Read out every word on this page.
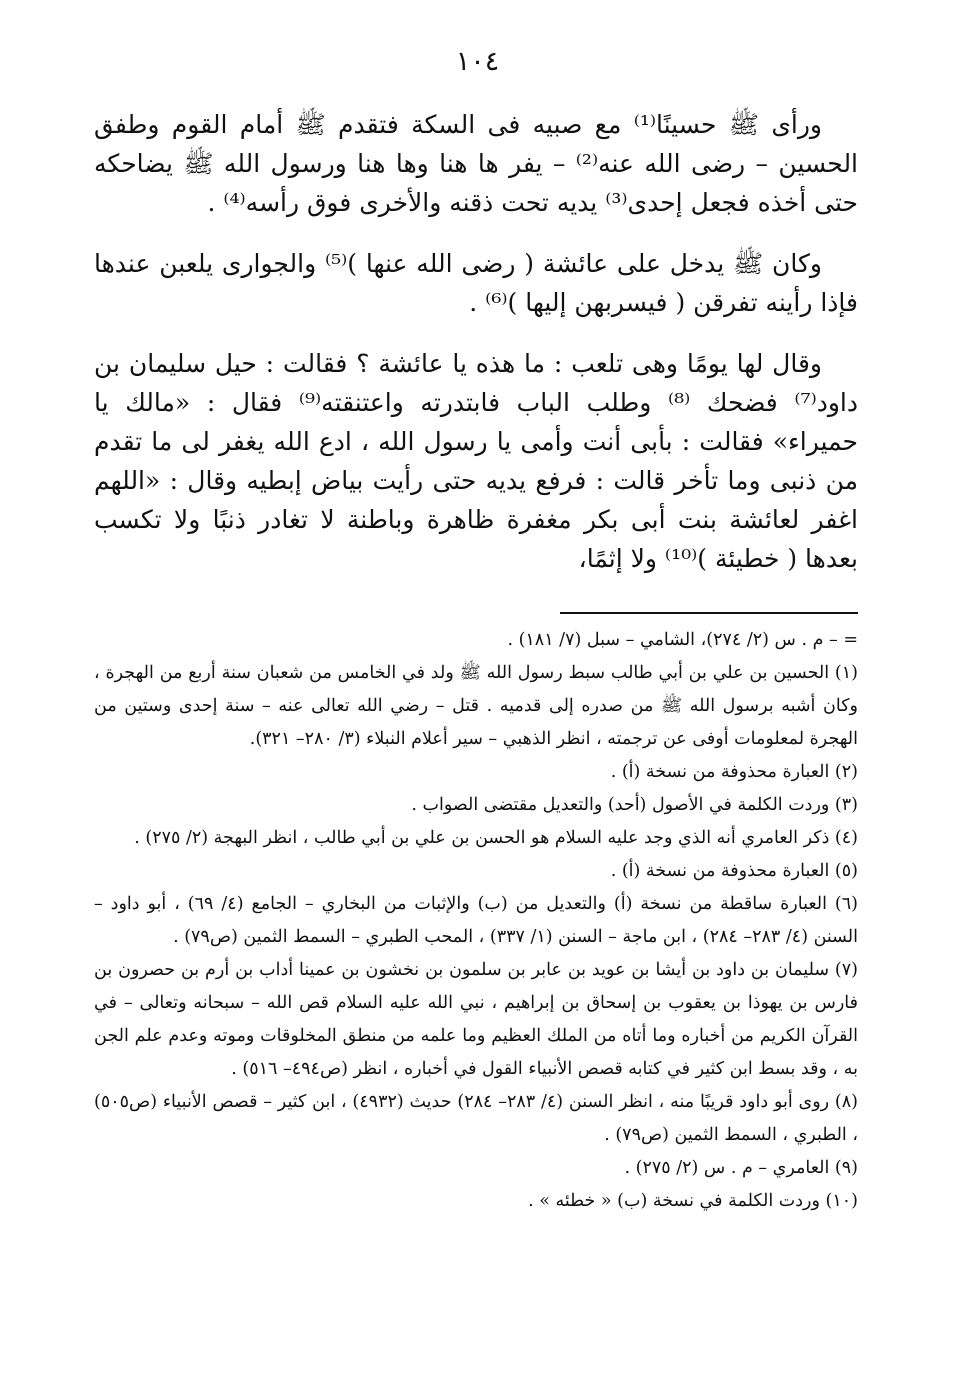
١٠٤

ورأى ﷺ حسينًا⁽¹⁾ مع صبيه فى السكة فتقدم ﷺ أمام القوم وطفق الحسين – رضى الله عنه⁽²⁾ – يفر ها هنا وها هنا ورسول الله ﷺ يضاحكه حتى أخذه فجعل إحدى⁽³⁾ يديه تحت ذقنه والأخرى فوق رأسه⁽⁴⁾ .

وكان ﷺ يدخل على عائشة ( رضى الله عنها )⁽⁵⁾ والجوارى يلعبن عندها فإذا رأينه تفرقن ( فيسربهن إليها )⁽⁶⁾ .

وقال لها يومًا وهى تلعب : ما هذه يا عائشة ؟ فقالت : حيل سليمان بن داود⁽⁷⁾ فضحك ⁽⁸⁾ وطلب الباب فابتدرته واعتنقته⁽⁹⁾ فقال : «مالك يا حميراء» فقالت : بأبى أنت وأمى يا رسول الله ، ادع الله يغفر لى ما تقدم من ذنبى وما تأخر قالت : فرفع يديه حتى رأيت بياض إبطيه وقال : «اللهم اغفر لعائشة بنت أبى بكر مغفرة ظاهرة وباطنة لا تغادر ذنبًا ولا تكسب بعدها ( خطيئة )⁽¹⁰⁾ ولا إثمًا،

= – م . س (٢/ ٢٧٤)، الشامي – سبل (٧/ ١٨١) .

(١) الحسين بن علي بن أبي طالب سبط رسول الله ﷺ ولد في الخامس من شعبان سنة أربع من الهجرة ، وكان أشبه برسول الله ﷺ من صدره إلى قدميه . قتل – رضي الله تعالى عنه – سنة إحدى وستين من الهجرة لمعلومات أوفى عن ترجمته ، انظر الذهبي – سير أعلام النبلاء (٣/ ٢٨٠– ٣٢١).

(٢) العبارة محذوفة من نسخة (أ) .

(٣) وردت الكلمة في الأصول (أحد) والتعديل مقتضى الصواب .

(٤) ذكر العامري أنه الذي وجد عليه السلام هو الحسن بن علي بن أبي طالب ، انظر البهجة (٢/ ٢٧٥) .

(٥) العبارة محذوفة من نسخة (أ) .

(٦) العبارة ساقطة من نسخة (أ) والتعديل من (ب) والإثبات من البخاري – الجامع (٤/ ٦٩) ، أبو داود – السنن (٤/ ٢٨٣– ٢٨٤) ، ابن ماجة – السنن (١/ ٣٣٧) ، المحب الطبري – السمط الثمين (ص٧٩) .

(٧) سليمان بن داود بن أيشا بن عويد بن عابر بن سلمون بن نخشون بن عمينا أداب بن أرم بن حصرون بن فارس بن يهوذا بن يعقوب بن إسحاق بن إبراهيم ، نبي الله عليه السلام قص الله – سبحانه وتعالى – في القرآن الكريم من أخباره وما أتاه من الملك العظيم وما علمه من منطق المخلوقات وموته وعدم علم الجن به ، وقد بسط ابن كثير في كتابه قصص الأنبياء القول في أخباره ، انظر (ص٤٩٤– ٥١٦) .

(٨) روى أبو داود قريبًا منه ، انظر السنن (٤/ ٢٨٣– ٢٨٤) حديث (٤٩٣٢) ، ابن كثير – قصص الأنبياء (ص٥٠٥) ، الطبري ، السمط الثمين (ص٧٩) .

(٩) العامري – م . س (٢/ ٢٧٥) .

(١٠) وردت الكلمة في نسخة (ب) « خطئه » .
